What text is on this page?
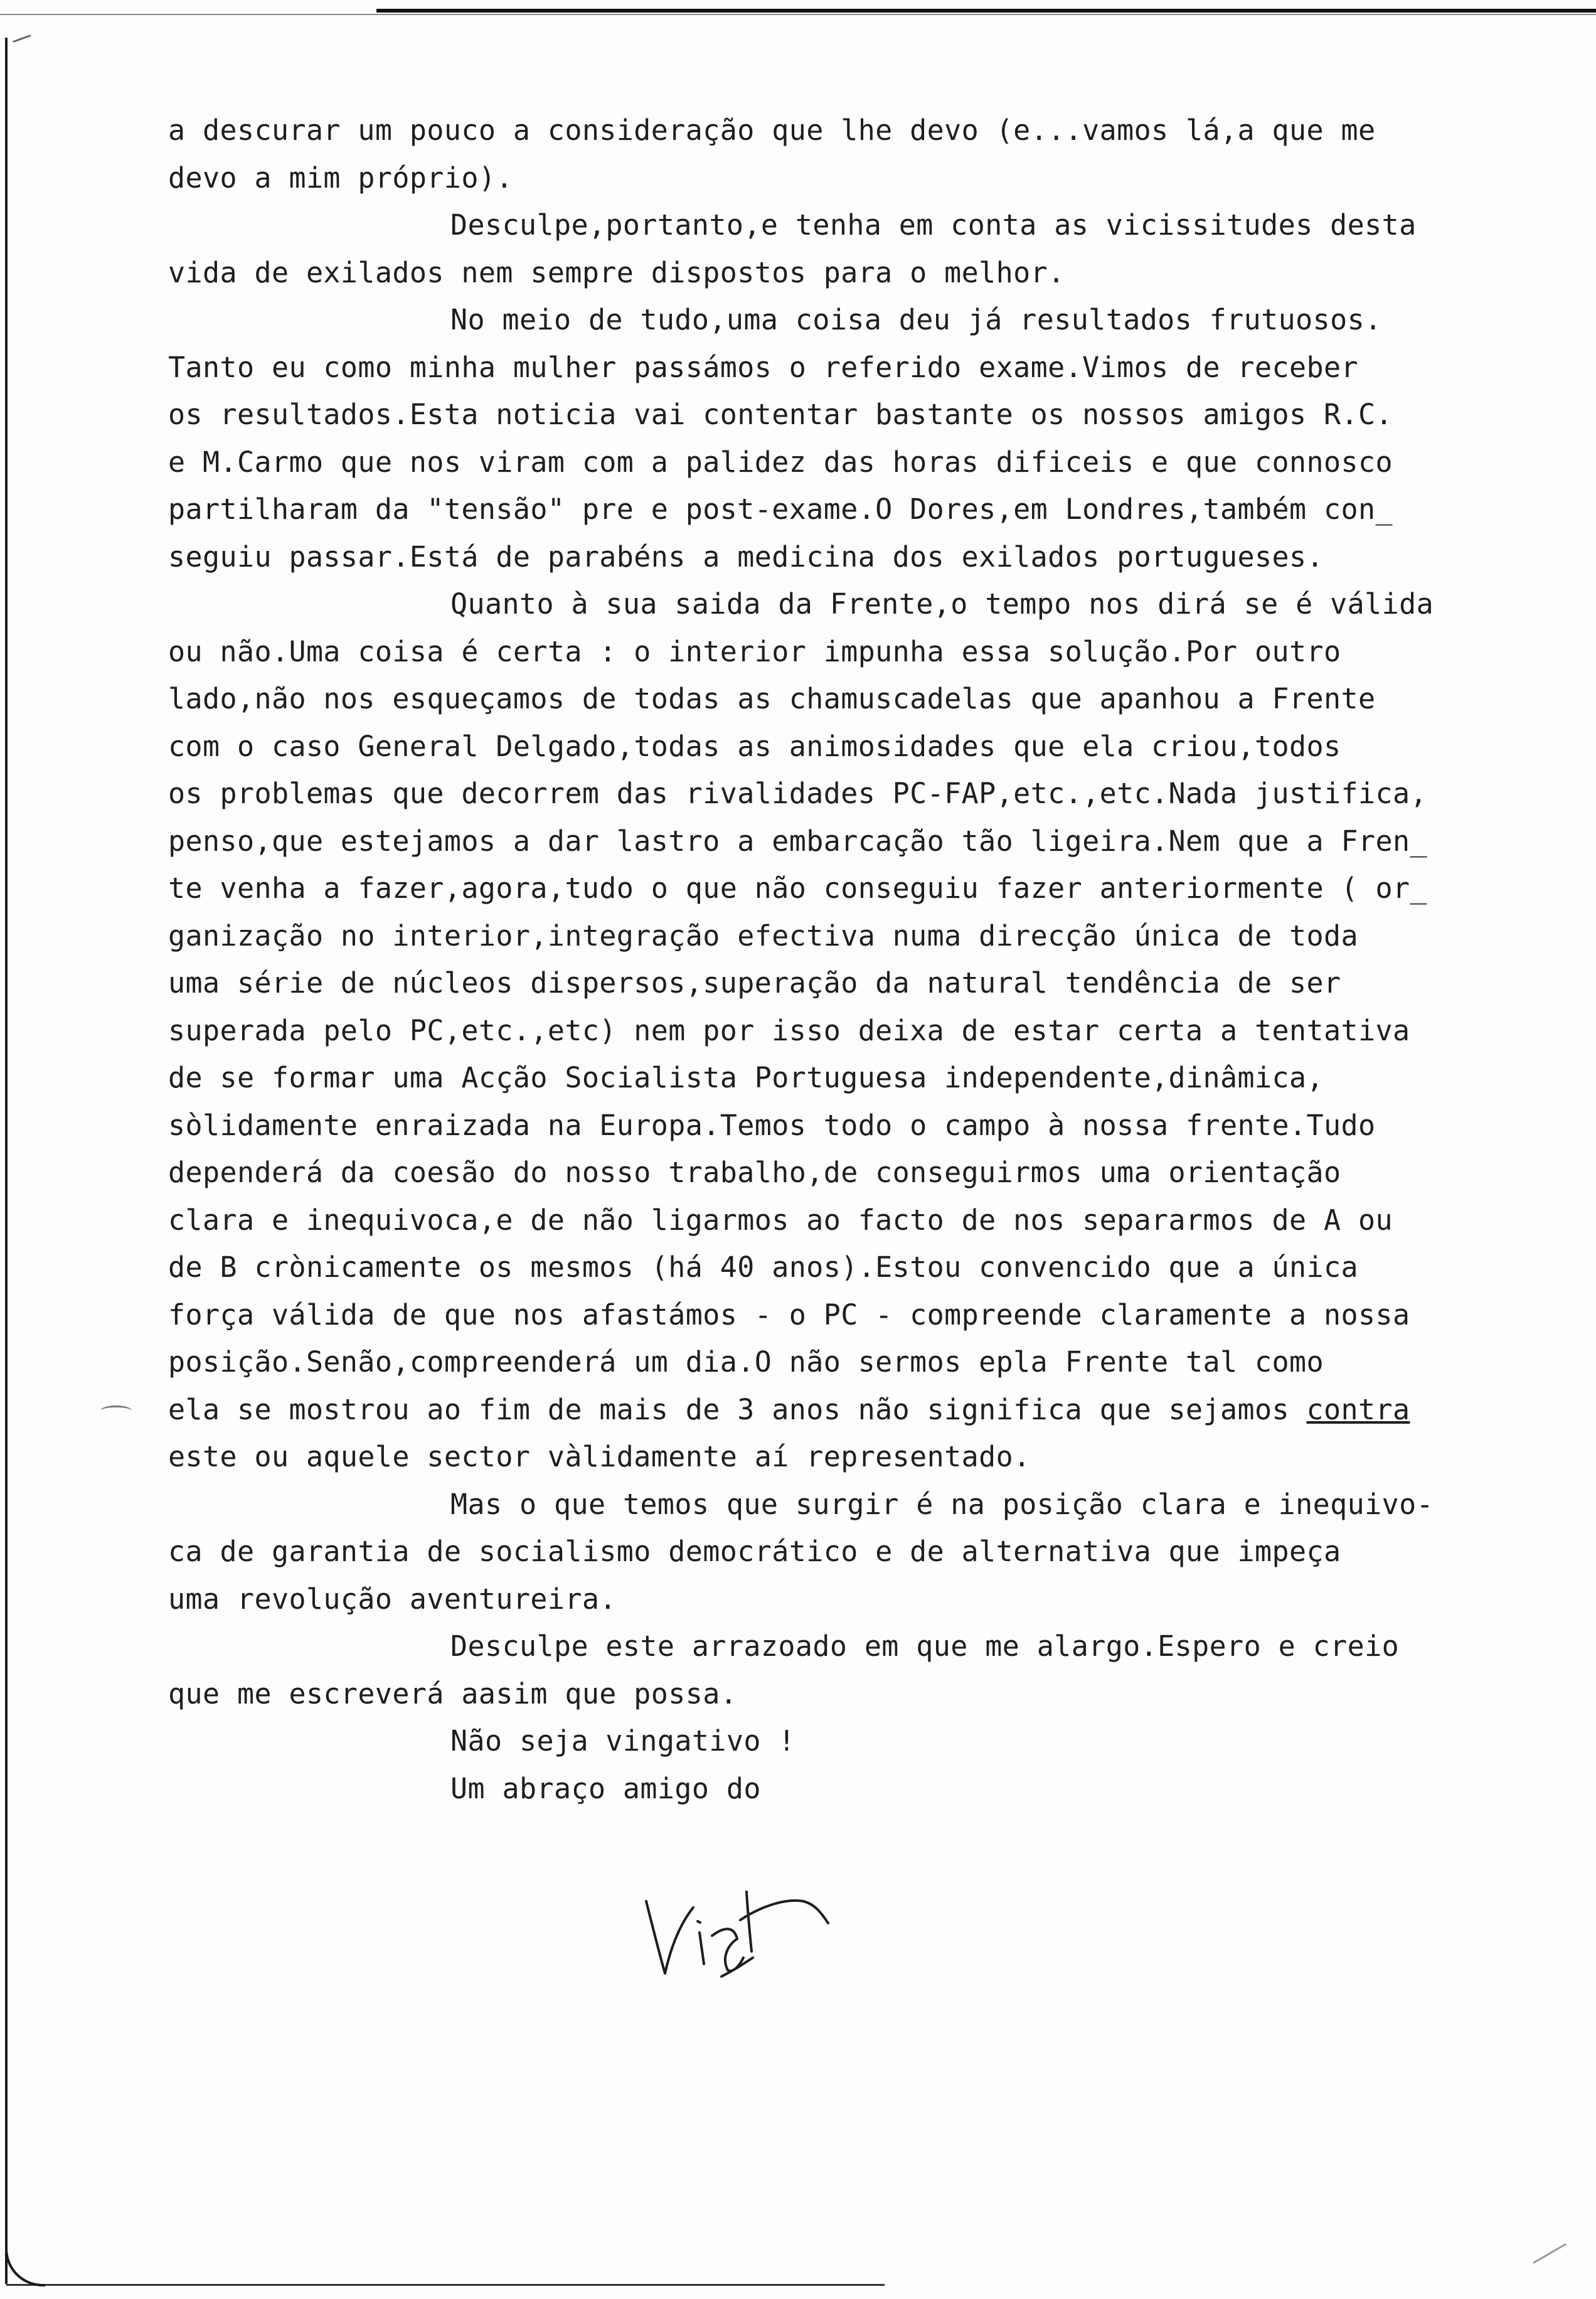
a descurar um pouco a consideração que lhe devo (e...vamos lá,a que me
devo a mim próprio).
Desculpe,portanto,e tenha em conta as vicissitudes desta
vida de exilados nem sempre dispostos para o melhor.
No meio de tudo,uma coisa deu já resultados frutuosos.
Tanto eu como minha mulher passámos o referido exame.Vimos de receber
os resultados.Esta noticia vai contentar bastante os nossos amigos R.C.
e M.Carmo que nos viram com a palidez das horas dificeis e que connosco
partilharam da "tensão" pre e post-exame.O Dores,em Londres,também con_
seguiu passar.Está de parabéns a medicina dos exilados portugueses.
Quanto à sua saida da Frente,o tempo nos dirá se é válida
ou não.Uma coisa é certa : o interior impunha essa solução.Por outro
lado,não nos esqueçamos de todas as chamuscadelas que apanhou a Frente
com o caso General Delgado,todas as animosidades que ela criou,todos
os problemas que decorrem das rivalidades PC-FAP,etc.,etc.Nada justifica,
penso,que estejamos a dar lastro a embarcação tão ligeira.Nem que a Fren_
te venha a fazer,agora,tudo o que não conseguiu fazer anteriormente ( or_
ganização no interior,integração efectiva numa direcção única de toda
uma série de núcleos dispersos,superação da natural tendência de ser
superada pelo PC,etc.,etc) nem por isso deixa de estar certa a tentativa
de se formar uma Acção Socialista Portuguesa independente,dinâmica,
sòlidamente enraizada na Europa.Temos todo o campo à nossa frente.Tudo
dependerá da coesão do nosso trabalho,de conseguirmos uma orientação
clara e inequivoca,e de não ligarmos ao facto de nos separarmos de A ou
de B crònicamente os mesmos (há 40 anos).Estou convencido que a única
força válida de que nos afastámos - o PC - compreende claramente a nossa
posição.Senão,compreenderá um dia.O não sermos epla Frente tal como
ela se mostrou ao fim de mais de 3 anos não significa que sejamos contra
este ou aquele sector vàlidamente aí representado.
Mas o que temos que surgir é na posição clara e inequivo-
ca de garantia de socialismo democrático e de alternativa que impeça
uma revolução aventureira.
Desculpe este arrazoado em que me alargo.Espero e creio
que me escreverá aasim que possa.
Não seja vingativo !
Um abraço amigo do
